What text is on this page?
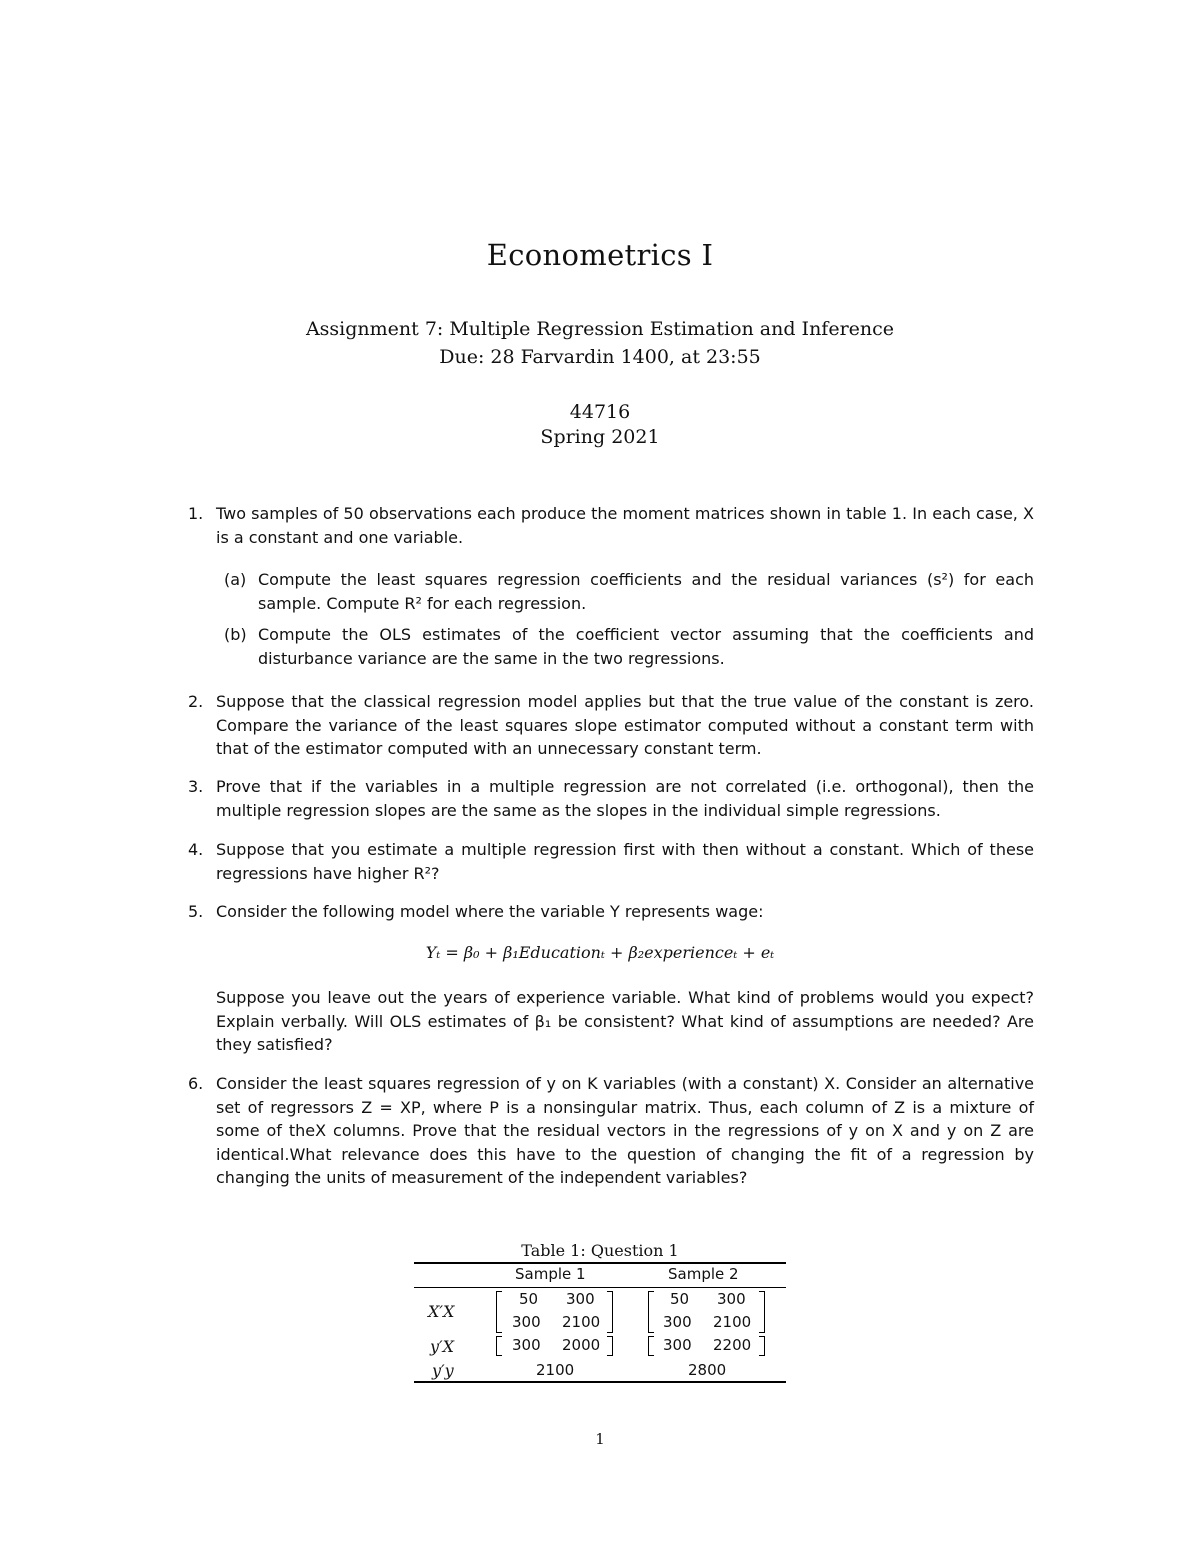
Econometrics I
Assignment 7: Multiple Regression Estimation and Inference
Due: 28 Farvardin 1400, at 23:55
44716
Spring 2021
1. Two samples of 50 observations each produce the moment matrices shown in table 1. In each case, X is a constant and one variable.
(a) Compute the least squares regression coefficients and the residual variances (s²) for each sample. Compute R² for each regression.
(b) Compute the OLS estimates of the coefficient vector assuming that the coefficients and disturbance variance are the same in the two regressions.
2. Suppose that the classical regression model applies but that the true value of the constant is zero. Compare the variance of the least squares slope estimator computed without a constant term with that of the estimator computed with an unnecessary constant term.
3. Prove that if the variables in a multiple regression are not correlated (i.e. orthogonal), then the multiple regression slopes are the same as the slopes in the individual simple regressions.
4. Suppose that you estimate a multiple regression first with then without a constant. Which of these regressions have higher R²?
5. Consider the following model where the variable Y represents wage:
Yₜ = β₀ + β₁Educationₜ + β₂experienceₜ + eₜ
Suppose you leave out the years of experience variable. What kind of problems would you expect? Explain verbally. Will OLS estimates of β₁ be consistent? What kind of assumptions are needed? Are they satisfied?
6. Consider the least squares regression of y on K variables (with a constant) X. Consider an alternative set of regressors Z = XP, where P is a nonsingular matrix. Thus, each column of Z is a mixture of some of theX columns. Prove that the residual vectors in the regressions of y on X and y on Z are identical.What relevance does this have to the question of changing the fit of a regression by changing the units of measurement of the independent variables?
Table 1: Question 1
Sample 1	Sample 2
X′X
y′X
y′y
50 300
300 2100
300 2000
2100
50 300
300 2100
300 2200
2800
1
